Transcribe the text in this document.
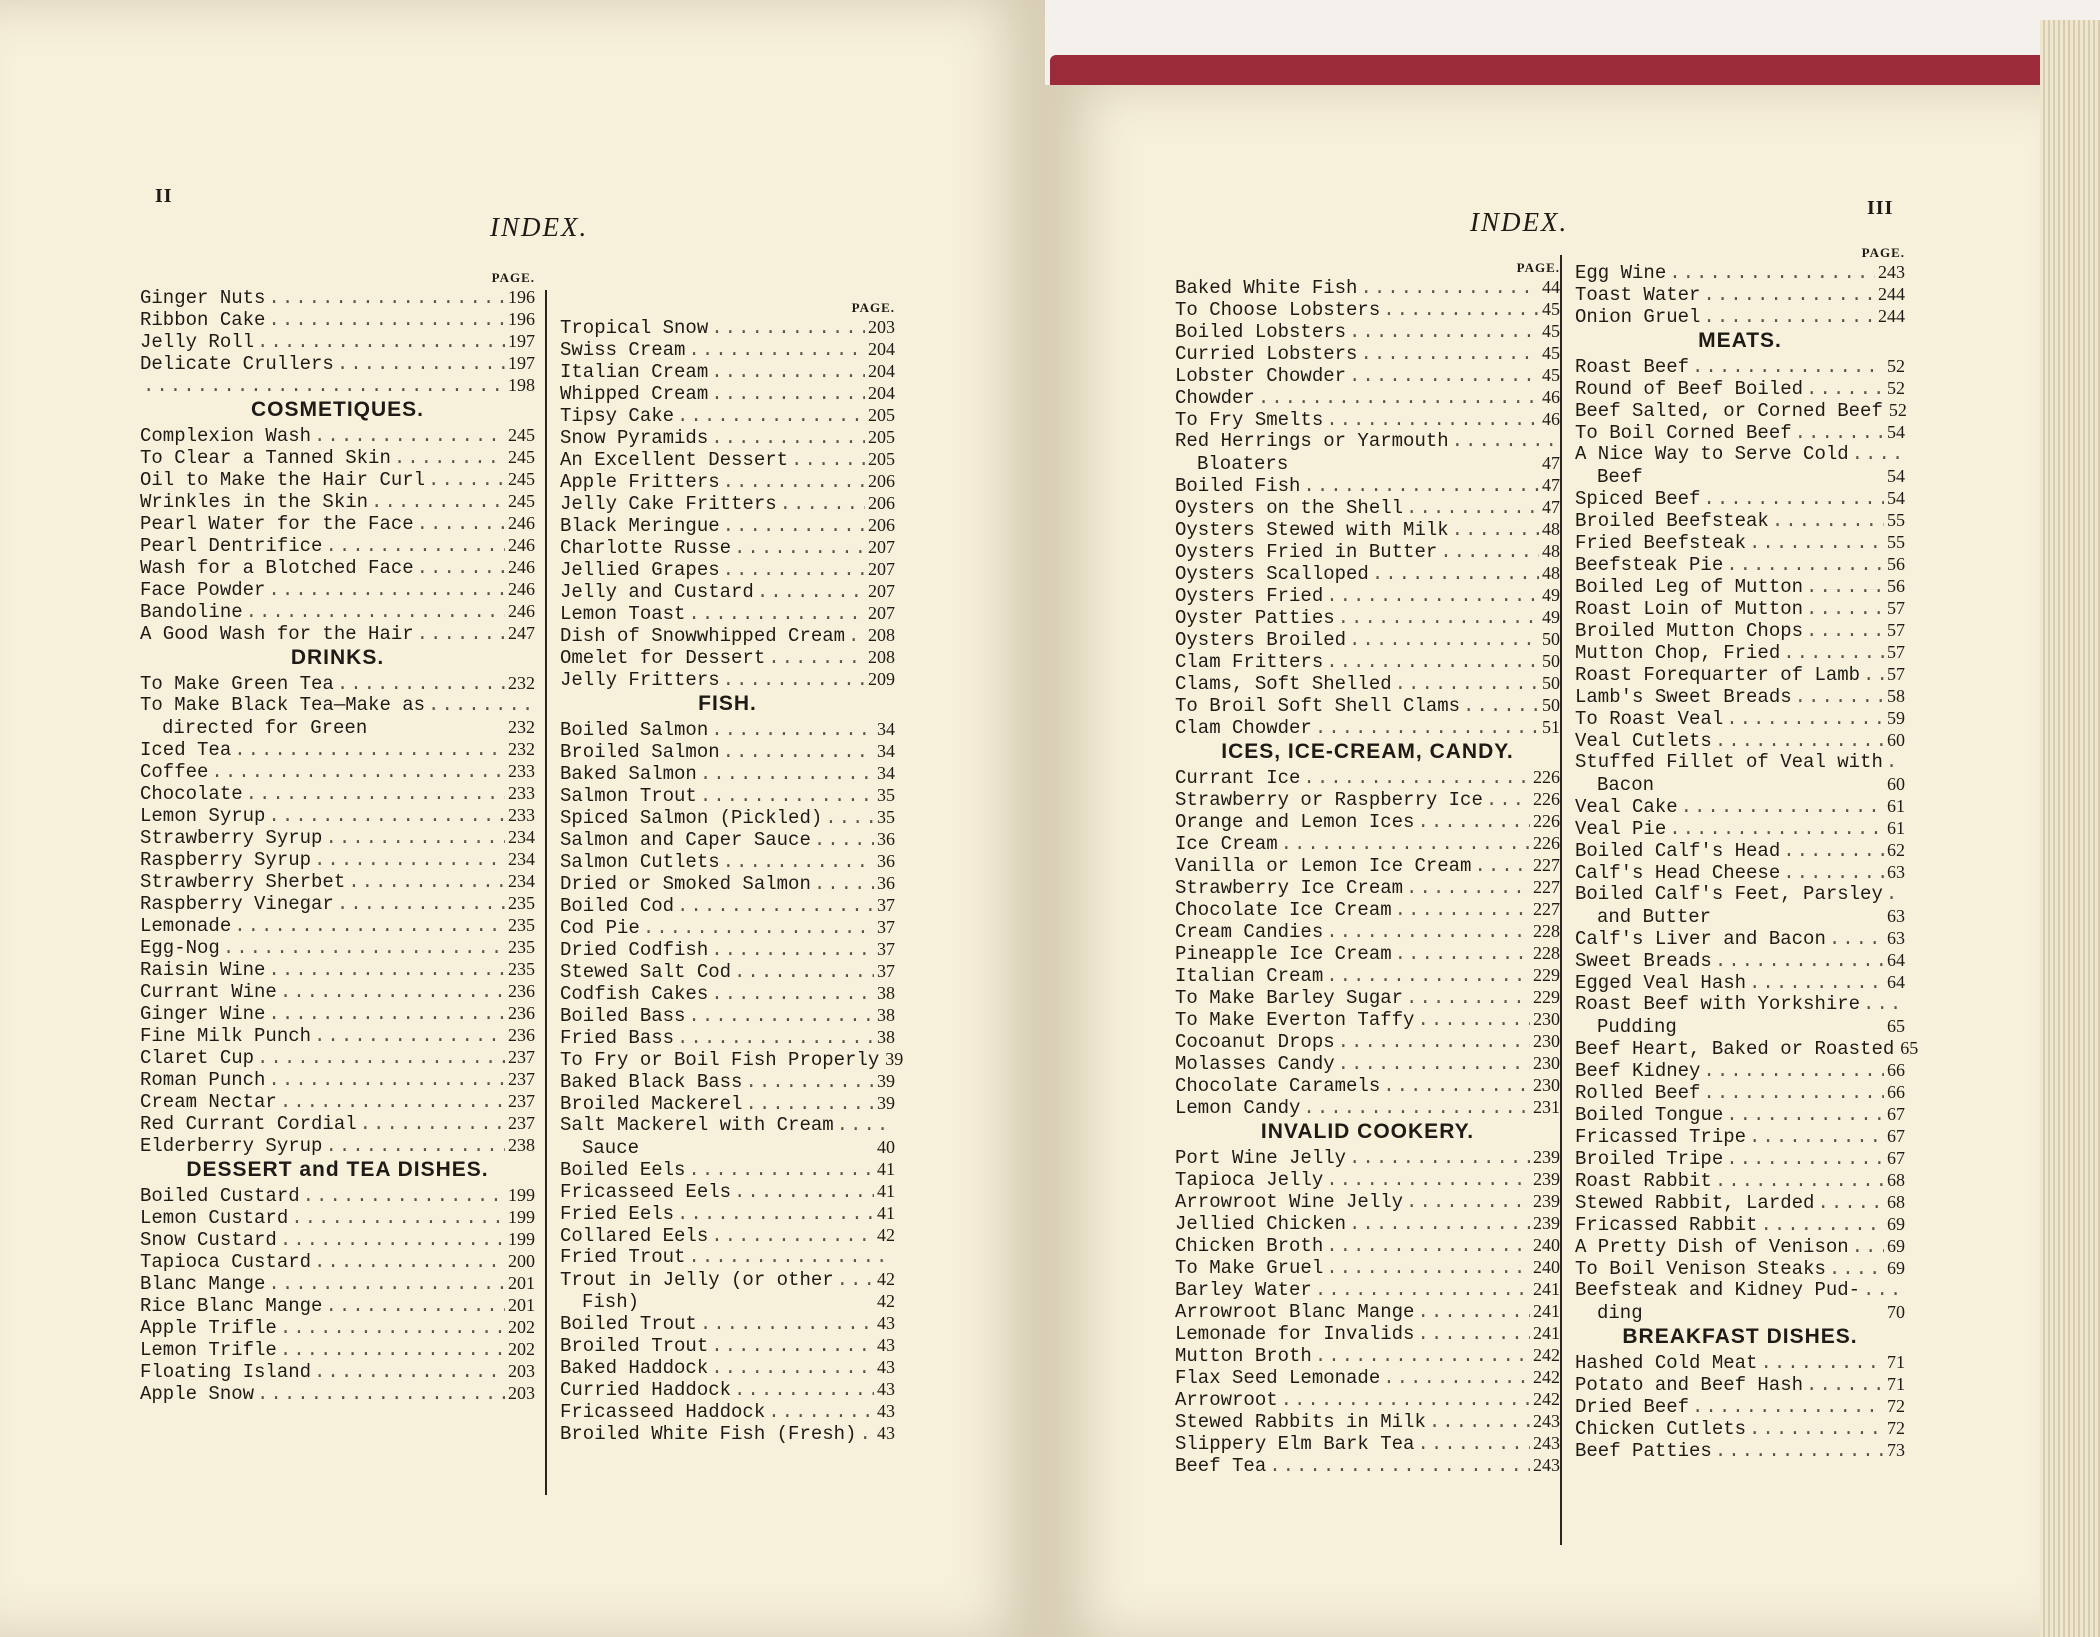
II
INDEX.
PAGE.
Ginger Nuts .....	196
Ribbon Cake .....	196
Jelly Roll .....	197
Delicate Crullers .....	197
.....
198
COSMETIQUES.
Complexion Wash .....	245
To Clear a Tanned Skin .....	245
Oil to Make the Hair Curl .....	245
Wrinkles in the Skin .....	245
Pearl Water for the Face .....	246
Pearl Dentrifice .....	246
Wash for a Blotched Face .....	246
Face Powder .....	246
Bandoline .....	246
A Good Wash for the Hair .....	247
DRINKS.
To Make Green Tea .....	232
To Make Black Tea—Make as
.....
directed for Green	232
Iced Tea .....	232
Coffee .....	233
Chocolate .....	233
Lemon Syrup .....	233
Strawberry Syrup .....	234
Raspberry Syrup .....	234
Strawberry Sherbet .....	234
Raspberry Vinegar .....	235
Lemonade .....	235
Egg-Nog .....	235
Raisin Wine .....	235
Currant Wine .....	236
Ginger Wine .....	236
Fine Milk Punch .....	236
Claret Cup .....	237
Roman Punch .....	237
Cream Nectar .....	237
Red Currant Cordial .....	237
Elderberry Syrup .....	238
DESSERT and TEA DISHES.
Boiled Custard .....	199
Lemon Custard .....	199
Snow Custard .....	199
Tapioca Custard .....	200
Blanc Mange .....	201
Rice Blanc Mange .....	201
Apple Trifle .....	202
Lemon Trifle .....	202
Floating Island .....	203
Apple Snow .....	203
PAGE.
Tropical Snow .....	203
Swiss Cream .....	204
Italian Cream .....	204
Whipped Cream .....	204
Tipsy Cake .....	205
Snow Pyramids .....	205
An Excellent Dessert .....	205
Apple Fritters .....	206
Jelly Cake Fritters .....	206
Black Meringue .....	206
Charlotte Russe .....	207
Jellied Grapes .....	207
Jelly and Custard .....	207
Lemon Toast .....	207
Dish of Snowwhipped Cream ..... 208
Omelet for Dessert .....	208
Jelly Fritters .....	209
FISH.
Boiled Salmon .....	34
Broiled Salmon .....	34
Baked Salmon .....	34
Salmon Trout .....	35
Spiced Salmon (Pickled) .....	35
Salmon and Caper Sauce .....	36
Salmon Cutlets .....	36
Dried or Smoked Salmon .....	36
Boiled Cod .....	37
Cod Pie .....	37
Dried Codfish .....	37
Stewed Salt Cod .....	37
Codfish Cakes .....	38
Boiled Bass .....	38
Fried Bass .....	38
To Fry or Boil Fish Properly 39
Baked Black Bass .....	39
Broiled Mackerel .....	39
Salt Mackerel with Cream
.....
Sauce	40
Boiled Eels .....	41
Fricasseed Eels .....	41
Fried Eels .....	41
Collared Eels .....	42
Fried Trout
.....
Trout in Jelly (or other ..... 42
Fish)	42
Boiled Trout .....	43
Broiled Trout .....	43
Baked Haddock .....	43
Curried Haddock .....	43
Fricasseed Haddock .....	43
Broiled White Fish (Fresh) ..... 43
INDEX.	III
PAGE.
Baked White Fish .....	44
To Choose Lobsters .....	45
Boiled Lobsters .....	45
Curried Lobsters .....	45
Lobster Chowder .....	45
Chowder .....	46
To Fry Smelts .....	46
Red Herrings or Yarmouth
.....
Bloaters	47
Boiled Fish .....	47
Oysters on the Shell .....	47
Oysters Stewed with Milk .....	48
Oysters Fried in Butter .....	48
Oysters Scalloped .....	48
Oysters Fried .....	49
Oyster Patties .....	49
Oysters Broiled .....	50
Clam Fritters .....	50
Clams, Soft Shelled .....	50
To Broil Soft Shell Clams .....	50
Clam Chowder .....	51
ICES, ICE-CREAM, CANDY.
Currant Ice .....	226
Strawberry or Raspberry Ice .....	226
Orange and Lemon Ices .....	226
Ice Cream .....	226
Vanilla or Lemon Ice Cream .....	227
Strawberry Ice Cream .....	227
Chocolate Ice Cream .....	227
Cream Candies .....	228
Pineapple Ice Cream .....	228
Italian Cream .....	229
To Make Barley Sugar .....	229
To Make Everton Taffy .....	230
Cocoanut Drops .....	230
Molasses Candy .....	230
Chocolate Caramels .....	230
Lemon Candy .....	231
INVALID COOKERY.
Port Wine Jelly .....	239
Tapioca Jelly .....	239
Arrowroot Wine Jelly .....	239
Jellied Chicken .....	239
Chicken Broth .....	240
To Make Gruel .....	240
Barley Water .....	241
Arrowroot Blanc Mange .....	241
Lemonade for Invalids .....	241
Mutton Broth .....	242
Flax Seed Lemonade .....	242
Arrowroot .....	242
Stewed Rabbits in Milk .....	243
Slippery Elm Bark Tea .....	243
Beef Tea .....	243
PAGE.
Egg Wine .....	243
Toast Water .....	244
Onion Gruel .....	244
MEATS.
Roast Beef .....	52
Round of Beef Boiled .....	52
Beef Salted, or Corned Beef 52
To Boil Corned Beef .....	54
A Nice Way to Serve Cold
.....
Beef	54
Spiced Beef .....	54
Broiled Beefsteak .....	55
Fried Beefsteak .....	55
Beefsteak Pie .....	56
Boiled Leg of Mutton .....	56
Roast Loin of Mutton .....	57
Broiled Mutton Chops .....	57
Mutton Chop, Fried .....	57
Roast Forequarter of Lamb ..... 57
Lamb's Sweet Breads .....	58
To Roast Veal .....	59
Veal Cutlets .....	60
Stuffed Fillet of Veal with
.....
Bacon	60
Veal Cake .....	61
Veal Pie .....	61
Boiled Calf's Head .....	62
Calf's Head Cheese .....	63
Boiled Calf's Feet, Parsley
.....
and Butter	63
Calf's Liver and Bacon .....	63
Sweet Breads .....	64
Egged Veal Hash .....	64
Roast Beef with Yorkshire
.....
Pudding	65
Beef Heart, Baked or Roasted 65
Beef Kidney .....	66
Rolled Beef .....	66
Boiled Tongue .....	67
Fricassed Tripe .....	67
Broiled Tripe .....	67
Roast Rabbit .....	68
Stewed Rabbit, Larded .....	68
Fricassed Rabbit .....	69
A Pretty Dish of Venison ..... 69
To Boil Venison Steaks .....	69
Beefsteak and Kidney Pud-
.....
ding	70
BREAKFAST DISHES.
Hashed Cold Meat .....	71
Potato and Beef Hash .....	71
Dried Beef .....	72
Chicken Cutlets .....	72
Beef Patties .....	73
